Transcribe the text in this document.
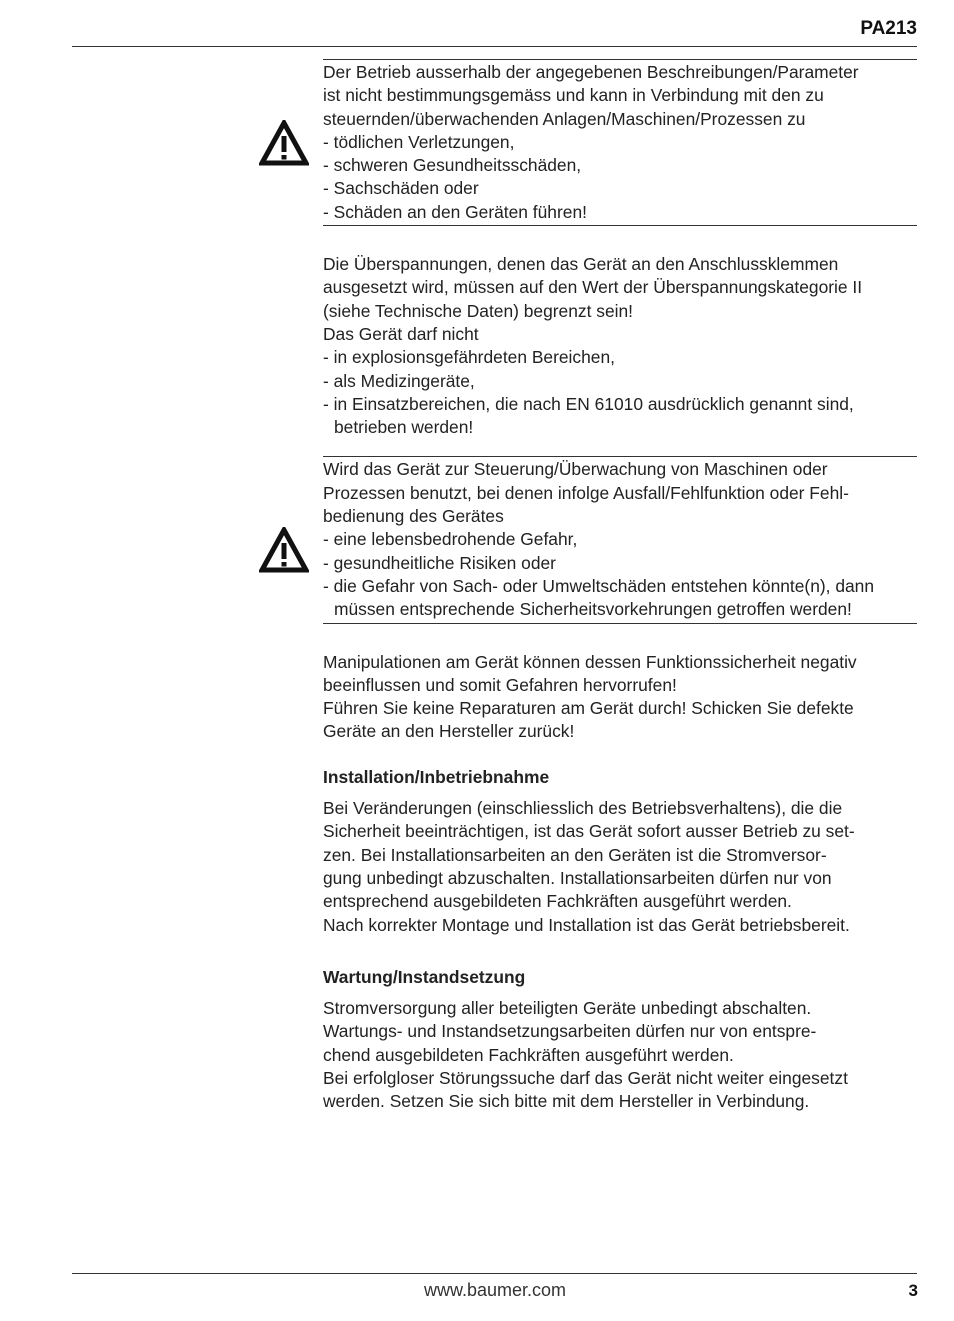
PA213

Der Betrieb ausserhalb der angegebenen Beschreibungen/Parameter

ist nicht bestimmungsgemäss und kann in Verbindung mit den zu

steuernden/überwachenden Anlagen/Maschinen/Prozessen zu

- tödlichen Verletzungen,

- schweren Gesundheitsschäden,

- Sachschäden oder

- Schäden an den Geräten führen!

Die Überspannungen, denen das Gerät an den Anschlussklemmen

ausgesetzt wird, müssen auf den Wert der Überspannungskategorie II

(siehe Technische Daten) begrenzt sein!

Das Gerät darf nicht

- in explosionsgefährdeten Bereichen,
- als Medizingeräte,
- in Einsatzbereichen, die nach EN 61010 ausdrücklich genannt sind, betrieben werden!

Wird das Gerät zur Steuerung/Überwachung von Maschinen oder

Prozessen benutzt, bei denen infolge Ausfall/Fehlfunktion oder Fehl-

bedienung des Gerätes

- eine lebensbedrohende Gefahr,
- gesundheitliche Risiken oder
- die Gefahr von Sach- oder Umweltschäden entstehen könnte(n), dann müssen entsprechende Sicherheitsvorkehrungen getroffen werden!

Manipulationen am Gerät können dessen Funktionssicherheit negativ

beeinflussen und somit Gefahren hervorrufen!

Führen Sie keine Reparaturen am Gerät durch! Schicken Sie defekte

Geräte an den Hersteller zurück!

Installation/Inbetriebnahme

Bei Veränderungen (einschliesslich des Betriebsverhaltens), die die

Sicherheit beeinträchtigen, ist das Gerät sofort ausser Betrieb zu set-

zen. Bei Installationsarbeiten an den Geräten ist die Stromversor-

gung unbedingt abzuschalten. Installationsarbeiten dürfen nur von

entsprechend ausgebildeten Fachkräften ausgeführt werden.

Nach korrekter Montage und Installation ist das Gerät betriebsbereit.

Wartung/Instandsetzung

Stromversorgung aller beteiligten Geräte unbedingt abschalten.

Wartungs- und Instandsetzungsarbeiten dürfen nur von entspre-

chend ausgebildeten Fachkräften ausgeführt werden.

Bei erfolgloser Störungssuche darf das Gerät nicht weiter eingesetzt

werden. Setzen Sie sich bitte mit dem Hersteller in Verbindung.

www.baumer.com	3
